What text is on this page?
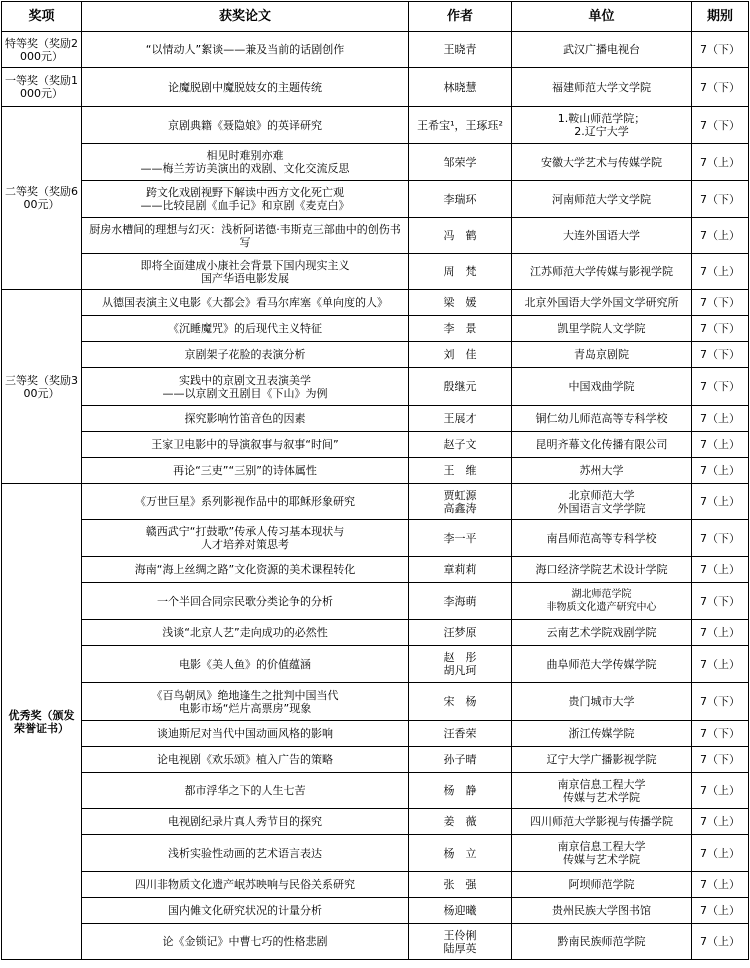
奖项	获奖论文	作者	单位	期别
特等奖（奖励2000元）	“以情动人”絮谈——兼及当前的话剧创作	王晓青	武汉广播电视台	7（下）
一等奖（奖励1000元）	论魔脱剧中魔脱妓女的主题传统	林晓慧	福建师范大学文学院	7（下）
二等奖（奖励600元）	京剧典籍《聂隐娘》的英译研究	王希宝¹，王琢珏²	1.鞍山师范学院；
2.辽宁大学	7（下）
	相见时难别亦难
——梅兰芳访美演出的戏剧、文化交流反思	邹荣学	安徽大学艺术与传媒学院	7（上）
	跨文化戏剧视野下解读中西方文化死亡观
——比较昆剧《血手记》和京剧《麦克白》	李瑞环	河南师范大学文学院	7（下）
	厨房水槽间的理想与幻灭：浅析阿诺德·韦斯克三部曲中的创伤书写	冯　鹤	大连外国语大学	7（上）
	即将全面建成小康社会背景下国内现实主义
国产华语电影发展	周　梵	江苏师范大学传媒与影视学院	7（上）
三等奖（奖励300元）	从德国表演主义电影《大都会》看马尔库塞《单向度的人》	梁　媛	北京外国语大学外国文学研究所	7（下）
	《沉睡魔咒》的后现代主义特征	李　景	凯里学院人文学院	7（下）
	京剧架子花脸的表演分析	刘　佳	青岛京剧院	7（下）
	实践中的京剧文丑表演美学
——以京剧文丑剧目《下山》为例	殷继元	中国戏曲学院	7（下）
	探究影响竹笛音色的因素	王展才	铜仁幼儿师范高等专科学校	7（上）
	王家卫电影中的导演叙事与叙事“时间”	赵子文	昆明齐幕文化传播有限公司	7（上）
	再论“三吏”“三别”的诗体属性	王　维	苏州大学	7（上）
优秀奖（颁发荣誉证书）	《万世巨星》系列影视作品中的耶稣形象研究	贾虹源
高鑫涛	北京师范大学
外国语言文学学院	7（上）
	赣西武宁“打鼓歌”传承人传习基本现状与
人才培养对策思考	李一平	南昌师范高等专科学校	7（下）
	海南“海上丝绸之路”文化资源的美术课程转化	章莉莉	海口经济学院艺术设计学院	7（上）
	一个半回合同宗民歌分类论争的分析	李海萌	湖北师范学院
非物质文化遗产研究中心	7（下）
	浅谈“北京人艺”走向成功的必然性	汪梦原	云南艺术学院戏剧学院	7（上）
	电影《美人鱼》的价值蕴涵	赵　彤
胡凡珂	曲阜师范大学传媒学院	7（上）
	《百鸟朝凤》绝地逢生之批判中国当代
电影市场“烂片高票房”现象	宋　杨	贵门城市大学	7（下）
	谈迪斯尼对当代中国动画风格的影响	汪香荣	浙江传媒学院	7（下）
	论电视剧《欢乐颂》植入广告的策略	孙子晴	辽宁大学广播影视学院	7（下）
	都市浮华之下的人生七苦	杨　静	南京信息工程大学
传媒与艺术学院	7（上）
	电视剧纪录片真人秀节目的探究	姜　薇	四川师范大学影视与传播学院	7（上）
	浅析实验性动画的艺术语言表达	杨　立	南京信息工程大学
传媒与艺术学院	7（上）
	四川非物质文化遗产岷苏映响与民俗关系研究	张　强	阿坝师范学院	7（上）
	国内傩文化研究状况的计量分析	杨迎曦	贵州民族大学图书馆	7（上）
	论《金锁记》中曹七巧的性格悲剧	王伶俐
陆厚英	黔南民族师范学院	7（上）
